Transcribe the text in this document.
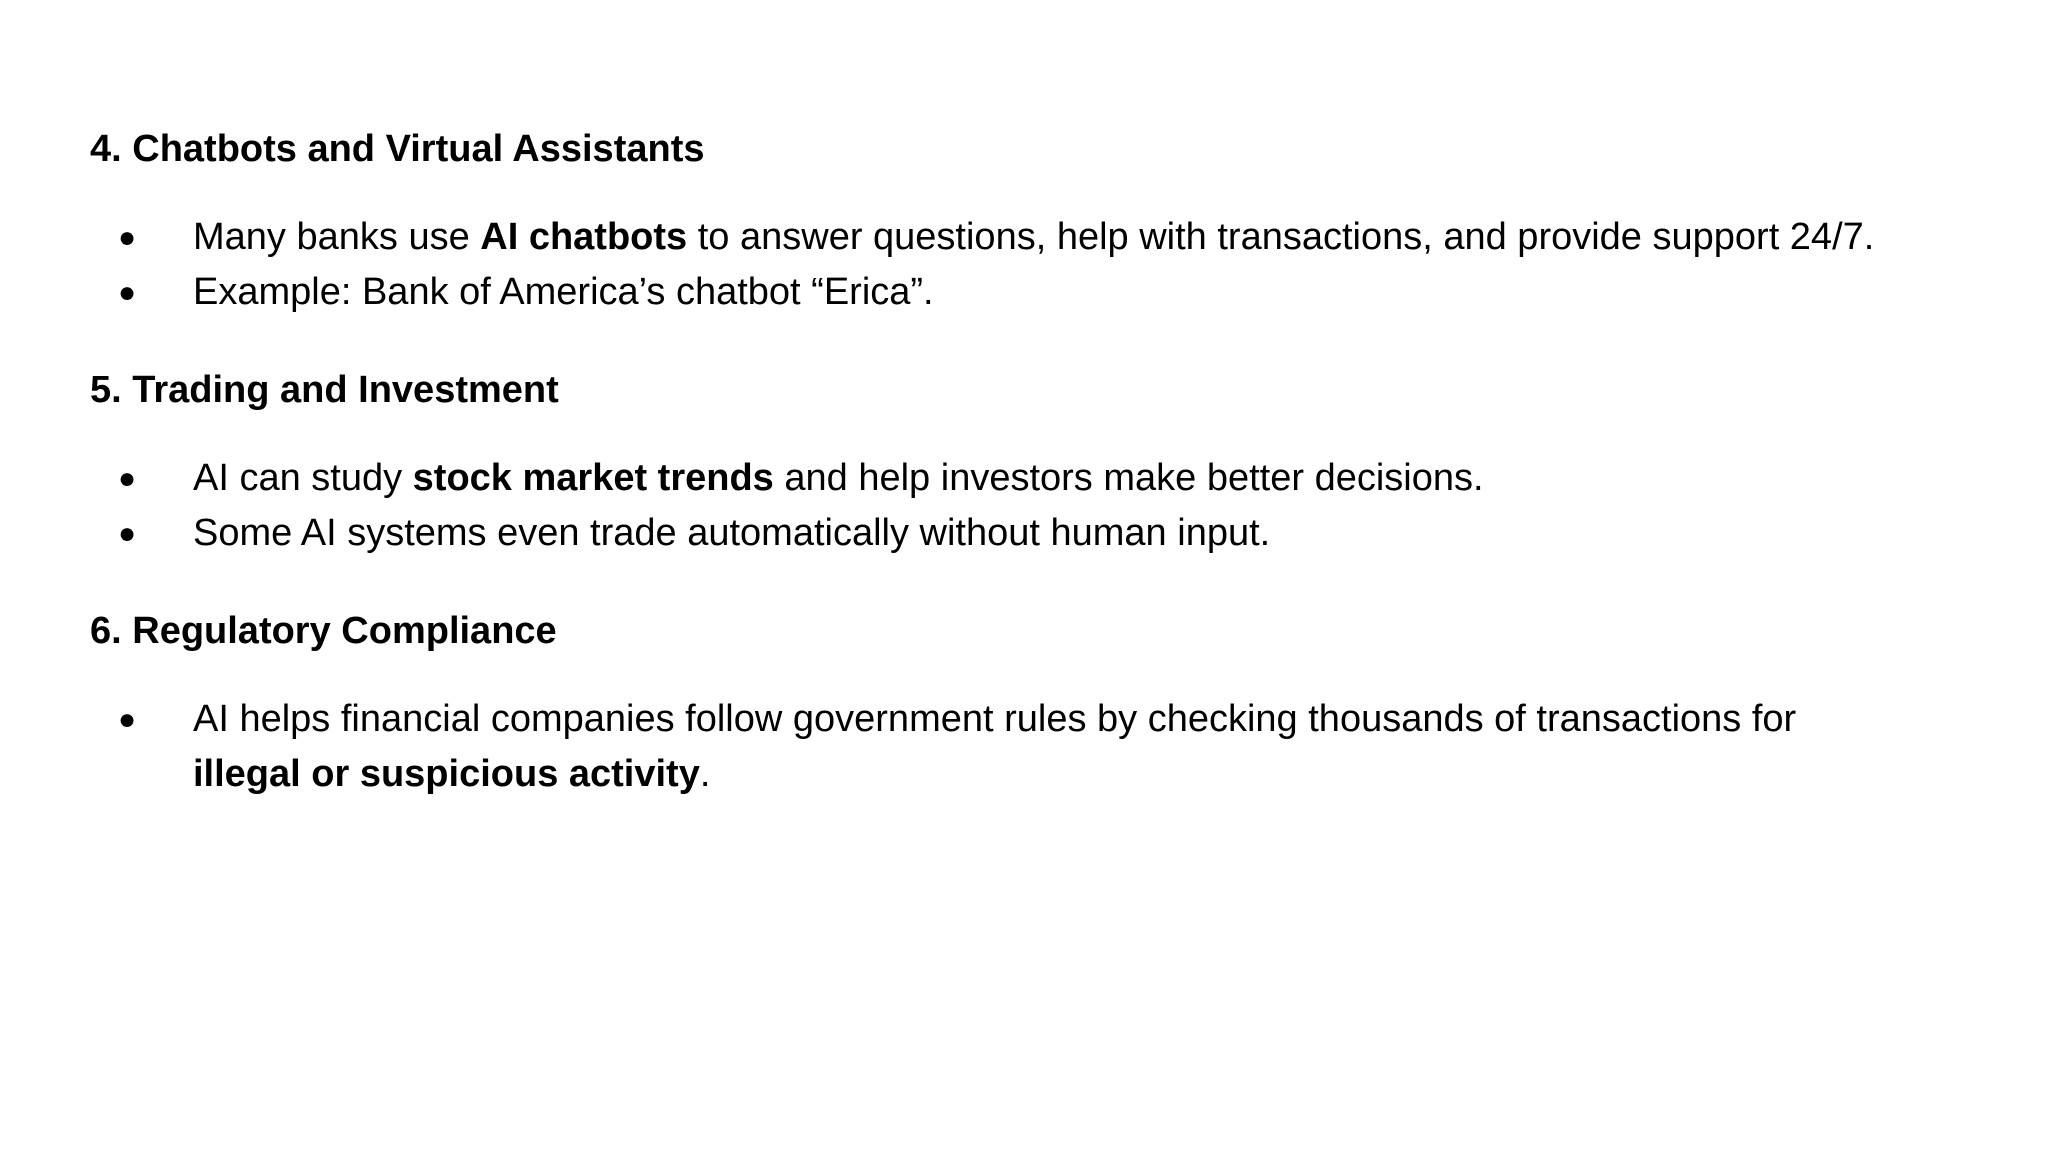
4. Chatbots and Virtual Assistants
● Many banks use AI chatbots to answer questions, help with transactions, and provide support 24/7.
● Example: Bank of America’s chatbot “Erica”.
5. Trading and Investment
● AI can study stock market trends and help investors make better decisions.
● Some AI systems even trade automatically without human input.
6. Regulatory Compliance
● AI helps financial companies follow government rules by checking thousands of transactions for
illegal or suspicious activity.
